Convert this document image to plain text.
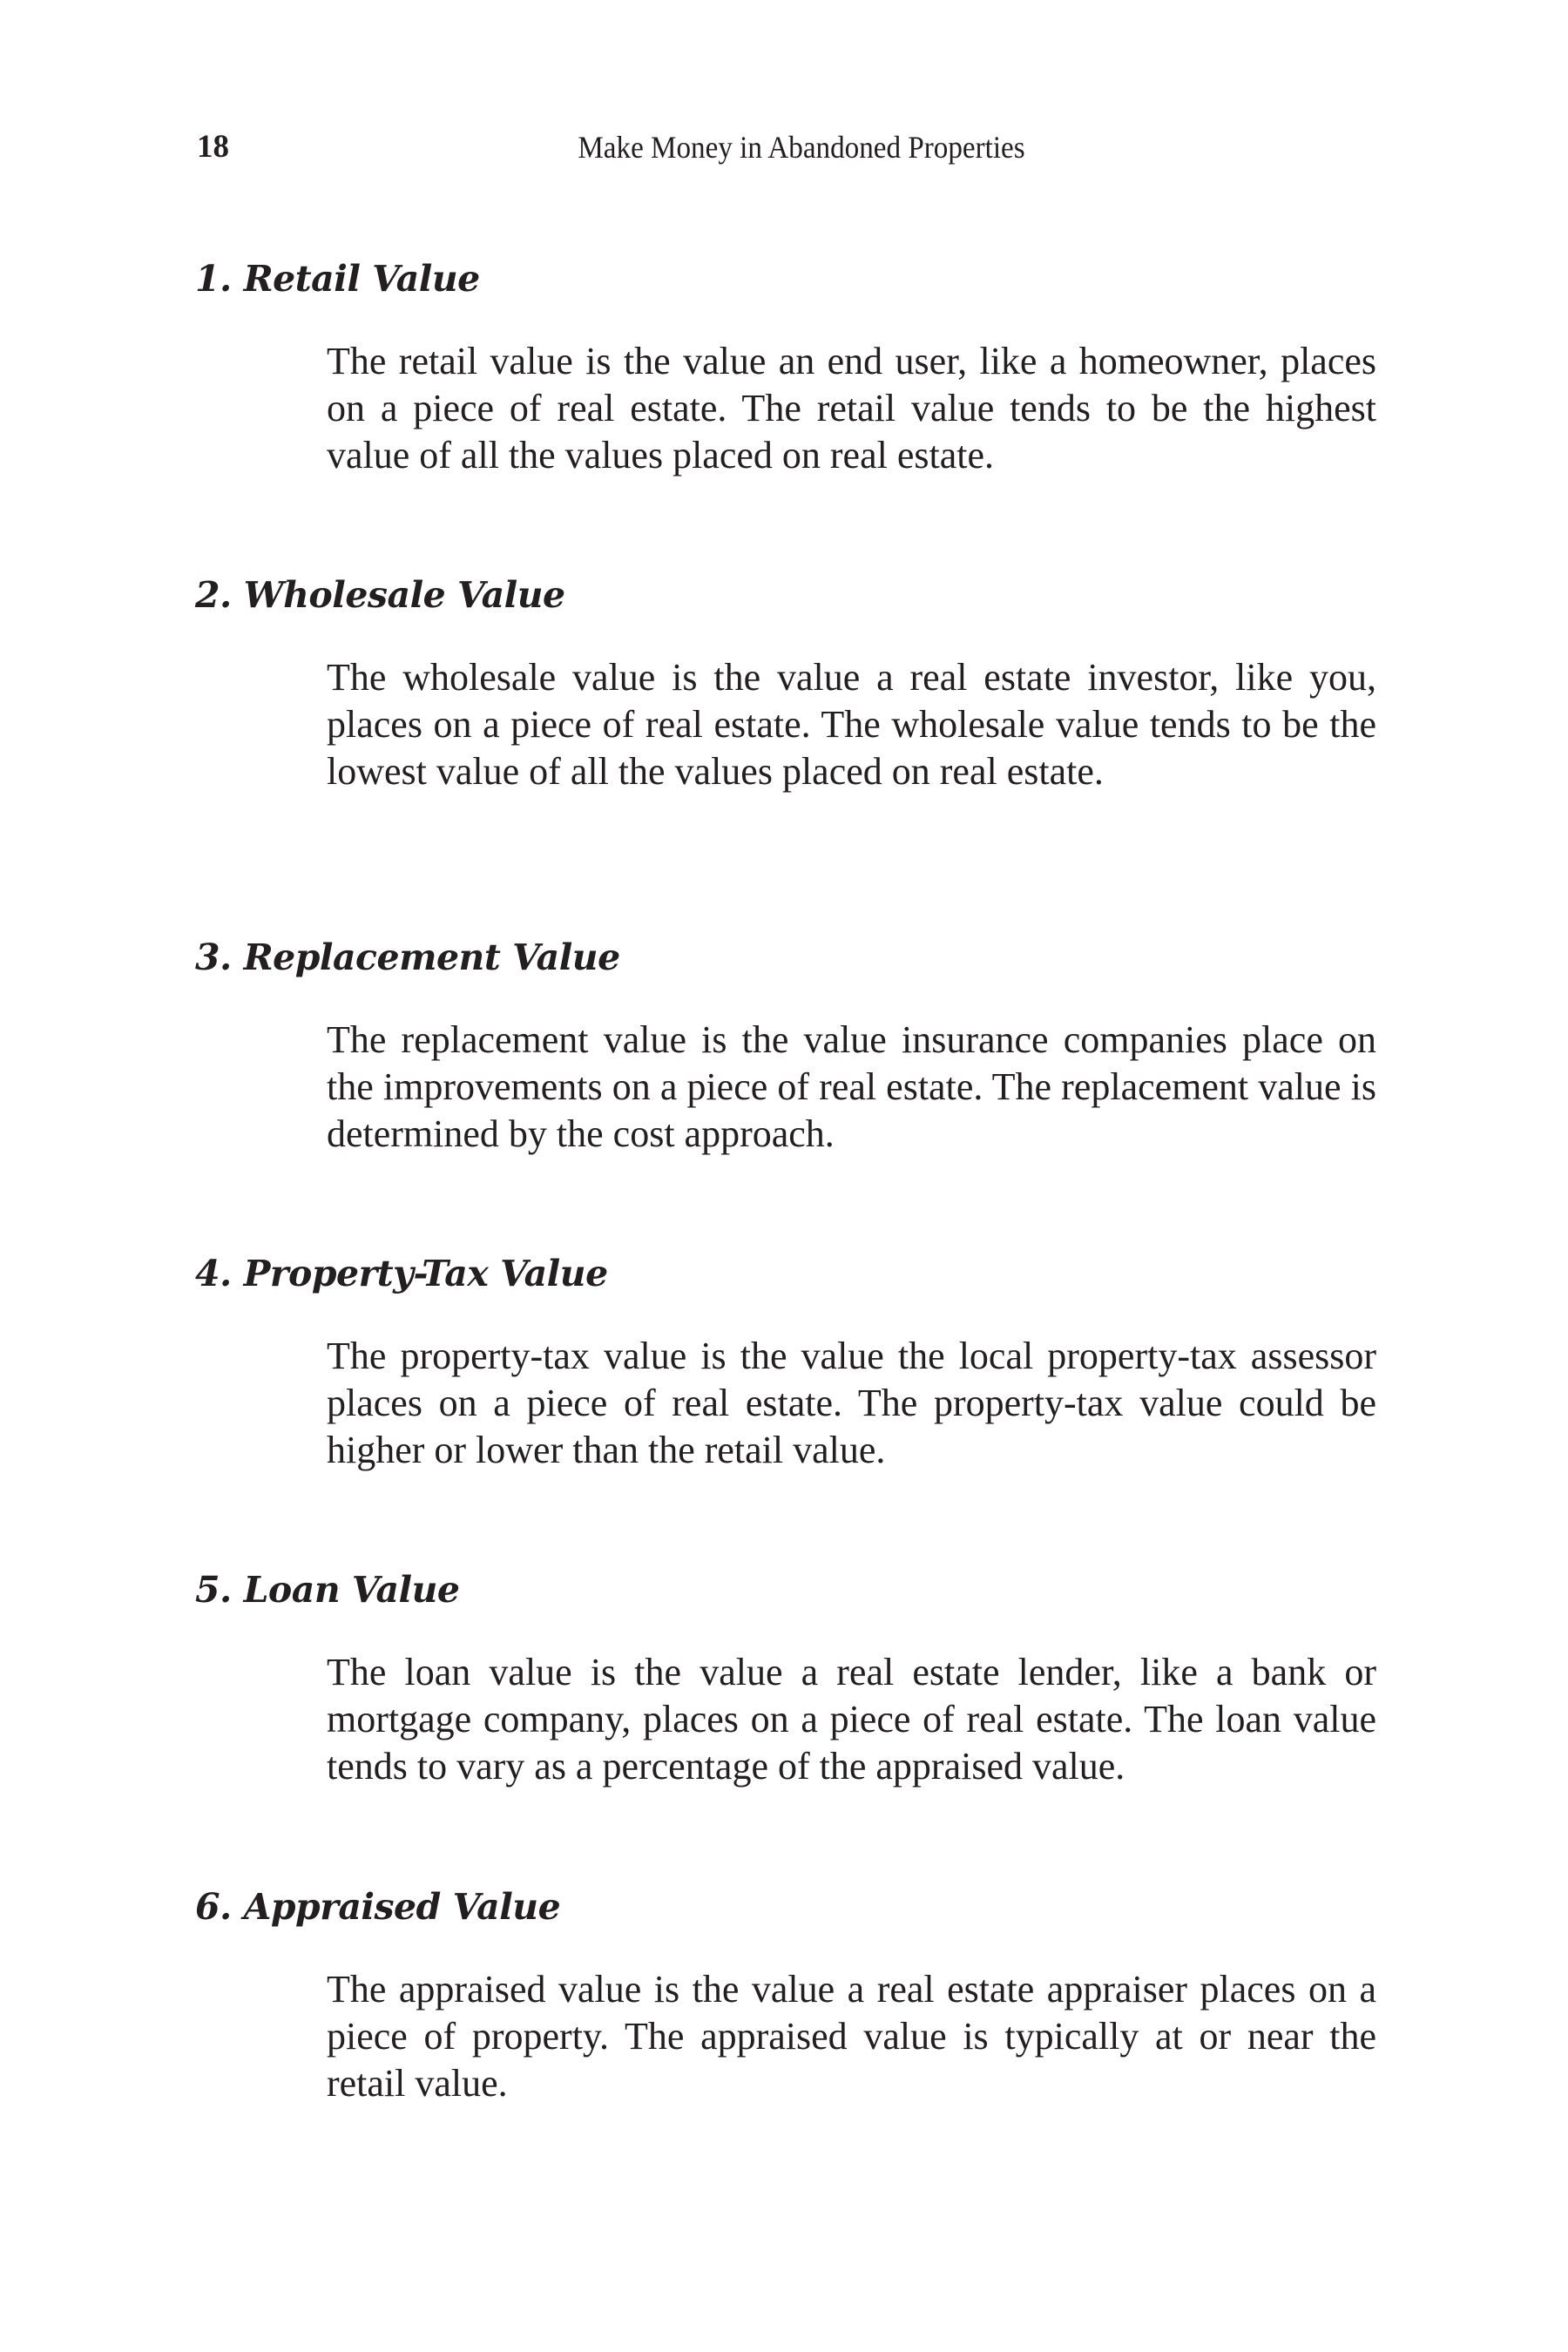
18	Make Money in Abandoned Properties
1. Retail Value

The retail value is the value an end user, like a homeowner, places on a piece of real estate. The retail value tends to be the highest value of all the values placed on real estate.

2. Wholesale Value

The wholesale value is the value a real estate investor, like you, places on a piece of real estate. The wholesale value tends to be the lowest value of all the values placed on real estate.

3. Replacement Value

The replacement value is the value insurance companies place on the improvements on a piece of real estate. The replacement value is determined by the cost approach.

4. Property-Tax Value

The property-tax value is the value the local property-tax assessor places on a piece of real estate. The property-tax value could be higher or lower than the retail value.

5. Loan Value

The loan value is the value a real estate lender, like a bank or mortgage company, places on a piece of real estate. The loan value tends to vary as a percentage of the appraised value.

6. Appraised Value

The appraised value is the value a real estate appraiser places on a piece of property. The appraised value is typically at or near the retail value.
